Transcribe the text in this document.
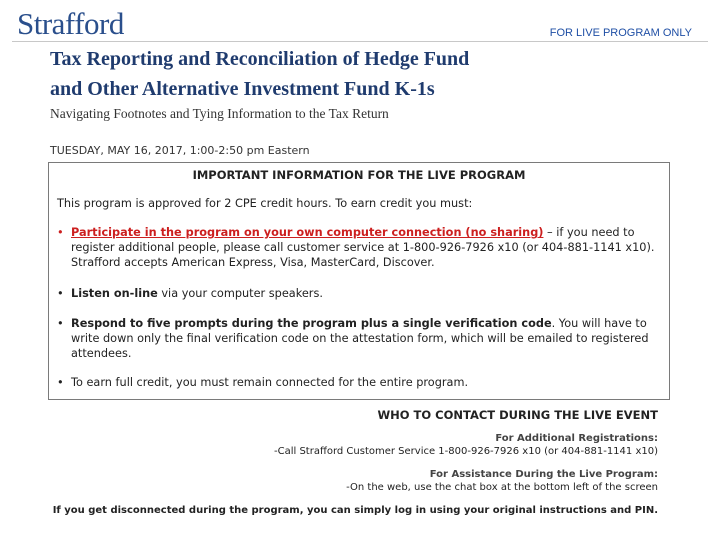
Strafford	FOR LIVE PROGRAM ONLY
Tax Reporting and Reconciliation of Hedge Fund
and Other Alternative Investment Fund K-1s
Navigating Footnotes and Tying Information to the Tax Return
TUESDAY, MAY 16, 2017, 1:00-2:50 pm Eastern
IMPORTANT INFORMATION FOR THE LIVE PROGRAM
This program is approved for 2 CPE credit hours. To earn credit you must:
• Participate in the program on your own computer connection (no sharing) – if you need to register additional people, please call customer service at 1-800-926-7926 x10 (or 404-881-1141 x10). Strafford accepts American Express, Visa, MasterCard, Discover.
• Listen on-line via your computer speakers.
• Respond to five prompts during the program plus a single verification code. You will have to write down only the final verification code on the attestation form, which will be emailed to registered attendees.
• To earn full credit, you must remain connected for the entire program.
WHO TO CONTACT DURING THE LIVE EVENT
For Additional Registrations:
-Call Strafford Customer Service 1-800-926-7926 x10 (or 404-881-1141 x10)
For Assistance During the Live Program:
-On the web, use the chat box at the bottom left of the screen
If you get disconnected during the program, you can simply log in using your original instructions and PIN.
